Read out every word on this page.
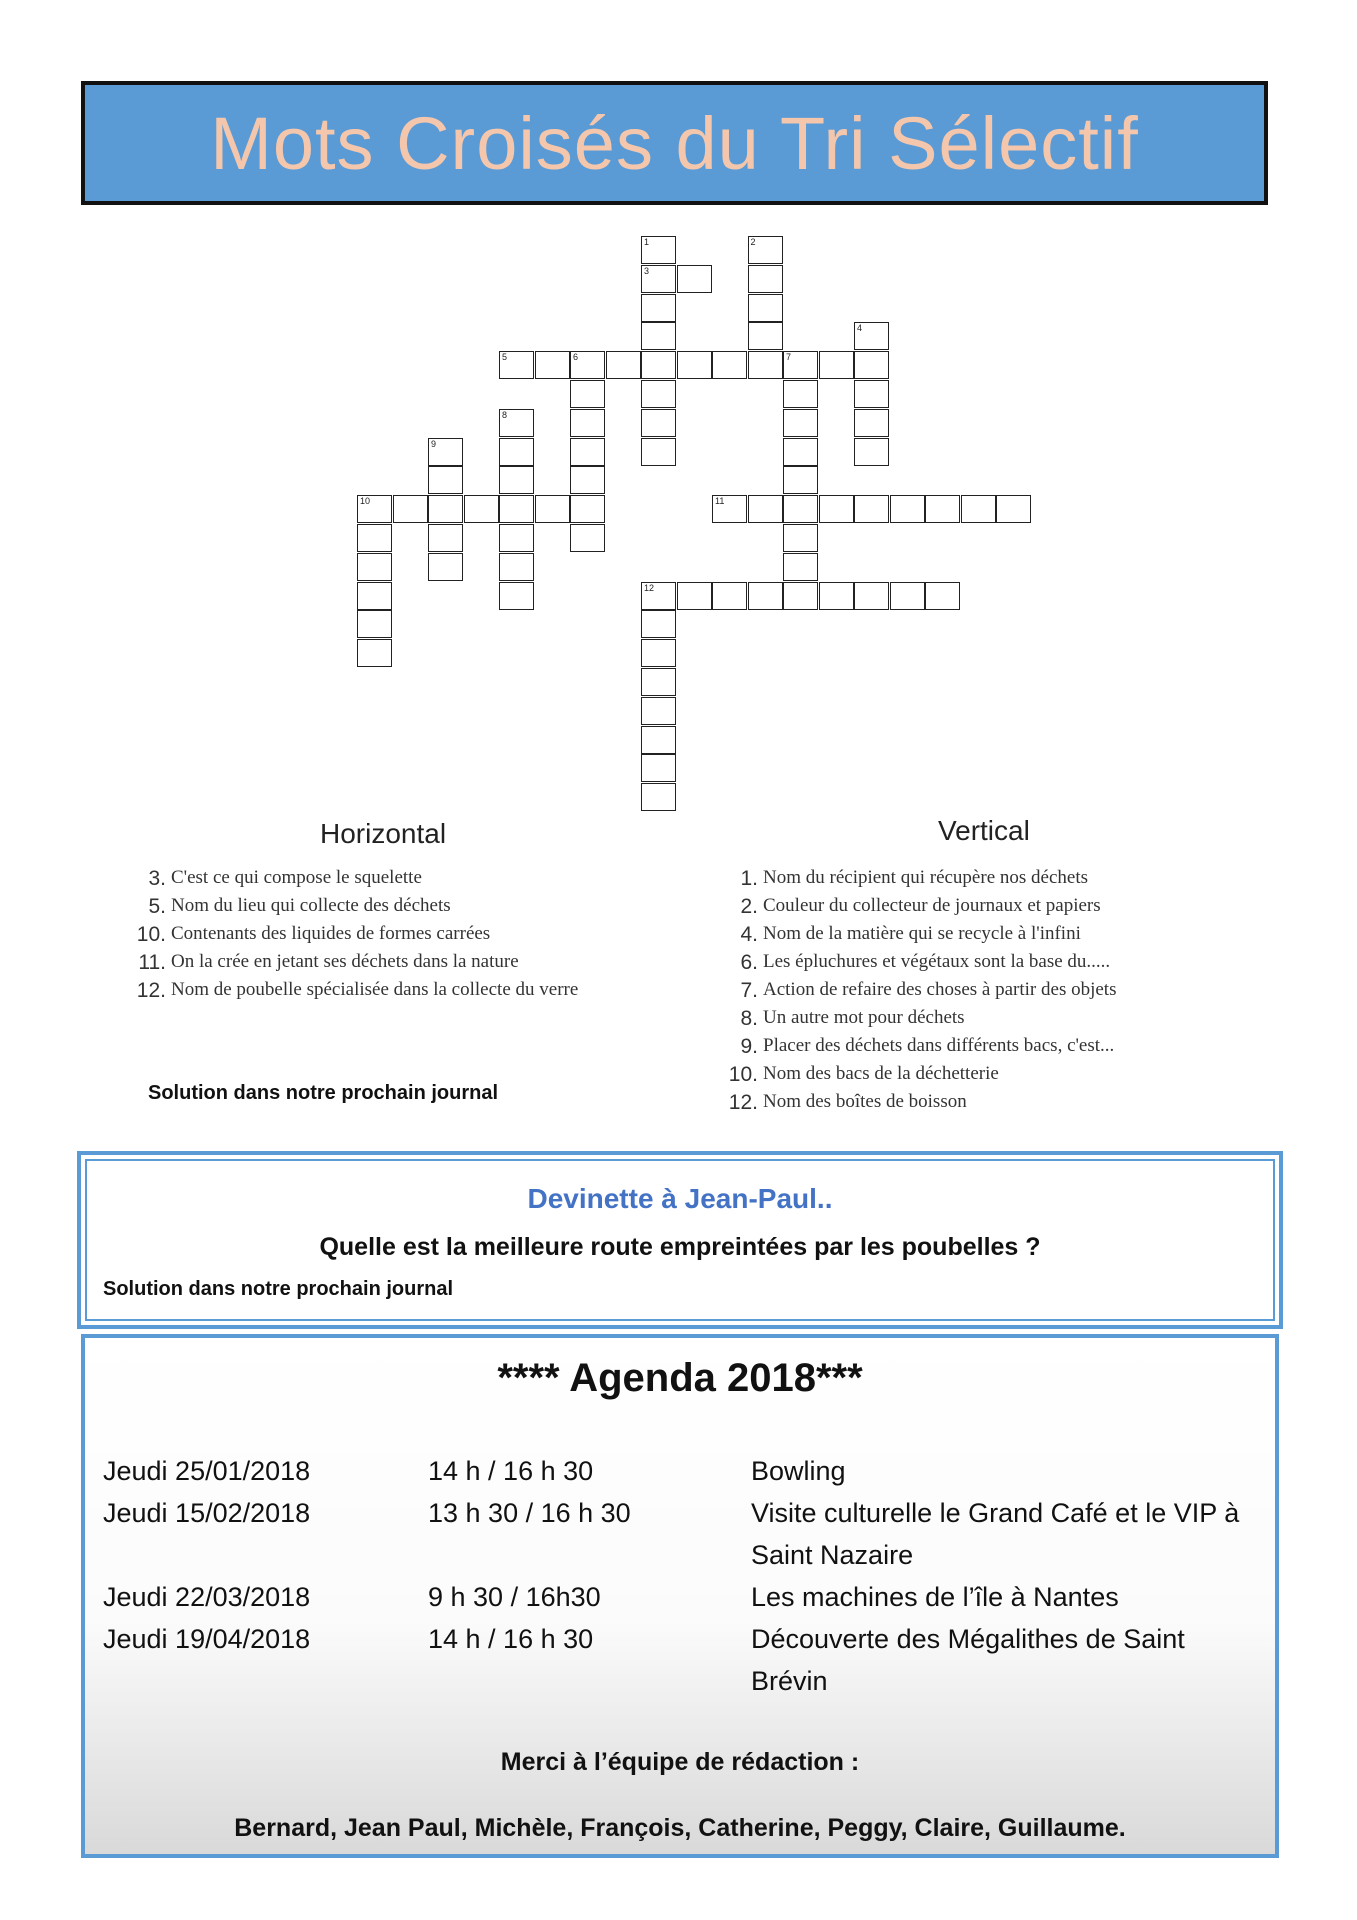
Mots Croisés du Tri Sélectif
1
3
2
4
5	6	7
8
9
10	11
12
Horizontal	Vertical
3. C'est ce qui compose le squelette
5. Nom du lieu qui collecte des déchets
10. Contenants des liquides de formes carrées
11. On la crée en jetant ses déchets dans la nature
12. Nom de poubelle spécialisée dans la collecte du verre
1. Nom du récipient qui récupère nos déchets
2. Couleur du collecteur de journaux et papiers
4. Nom de la matière qui se recycle à l'infini
6. Les épluchures et végétaux sont la base du.....
7. Action de refaire des choses à partir des objets
8. Un autre mot pour déchets
9. Placer des déchets dans différents bacs, c'est...
10. Nom des bacs de la déchetterie
12. Nom des boîtes de boisson
Solution dans notre prochain journal
Devinette à Jean-Paul..
Quelle est la meilleure route empreintées par les poubelles ?
Solution dans notre prochain journal
**** Agenda 2018***
Jeudi 25/01/2018	14 h / 16 h 30	Bowling
Jeudi 15/02/2018	13 h 30 / 16 h 30	Visite culturelle le Grand Café et le VIP à Saint Nazaire
Jeudi 22/03/2018	9 h 30 / 16h30	Les machines de l’île à Nantes
Jeudi 19/04/2018	14 h / 16 h 30	Découverte des Mégalithes de Saint Brévin
Merci à l’équipe de rédaction :
Bernard, Jean Paul, Michèle, François, Catherine, Peggy, Claire, Guillaume.
